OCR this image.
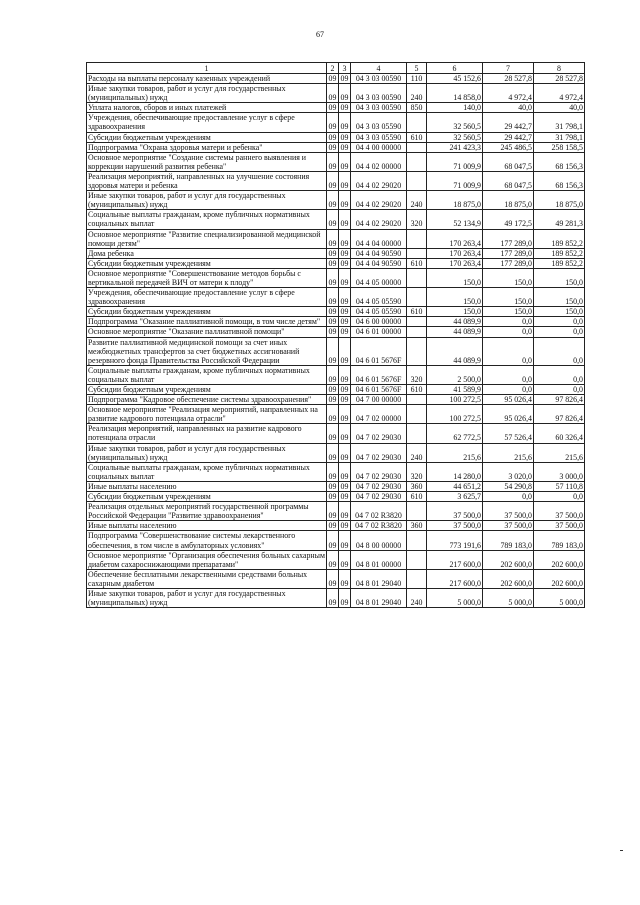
67
1	2	3	4	5	6	7	8
Расходы на выплаты персоналу казенных учреждений	09	09	04 3 03 00590	110	45 152,6	28 527,8	28 527,8
Иные закупки товаров, работ и услуг для государственных (муниципальных) нужд	09	09	04 3 03 00590	240	14 858,0	4 972,4	4 972,4
Уплата налогов, сборов и иных платежей	09	09	04 3 03 00590	850	140,0	40,0	40,0
Учреждения, обеспечивающие предоставление услуг в сфере здравоохранения	09	09	04 3 03 05590		32 560,5	29 442,7	31 798,1
Субсидии бюджетным учреждениям	09	09	04 3 03 05590	610	32 560,5	29 442,7	31 798,1
Подпрограмма "Охрана здоровья матери и ребенка"	09	09	04 4 00 00000		241 423,3	245 486,5	258 158,5
Основное мероприятие "Создание системы раннего выявления и коррекции нарушений развития ребенка"	09	09	04 4 02 00000		71 009,9	68 047,5	68 156,3
Реализация мероприятий, направленных на улучшение состояния здоровья матери и ребенка	09	09	04 4 02 29020		71 009,9	68 047,5	68 156,3
Иные закупки товаров, работ и услуг для государственных (муниципальных) нужд	09	09	04 4 02 29020	240	18 875,0	18 875,0	18 875,0
Социальные выплаты гражданам, кроме публичных нормативных социальных выплат	09	09	04 4 02 29020	320	52 134,9	49 172,5	49 281,3
Основное мероприятие "Развитие специализированной медицинской помощи детям"	09	09	04 4 04 00000		170 263,4	177 289,0	189 852,2
Дома ребенка	09	09	04 4 04 90590		170 263,4	177 289,0	189 852,2
Субсидии бюджетным учреждениям	09	09	04 4 04 90590	610	170 263,4	177 289,0	189 852,2
Основное мероприятие "Совершенствование методов борьбы с вертикальной передачей ВИЧ от матери к плоду"	09	09	04 4 05 00000		150,0	150,0	150,0
Учреждения, обеспечивающие предоставление услуг в сфере здравоохранения	09	09	04 4 05 05590		150,0	150,0	150,0
Субсидии бюджетным учреждениям	09	09	04 4 05 05590	610	150,0	150,0	150,0
Подпрограмма "Оказание паллиативной помощи, в том числе детям"	09	09	04 6 00 00000		44 089,9	0,0	0,0
Основное мероприятие "Оказание паллиативной помощи"	09	09	04 6 01 00000		44 089,9	0,0	0,0
Развитие паллиативной медицинской помощи за счет иных межбюджетных трансфертов за счет бюджетных ассигнований резервного фонда Правительства Российской Федерации	09	09	04 6 01 5676F		44 089,9	0,0	0,0
Социальные выплаты гражданам, кроме публичных нормативных социальных выплат	09	09	04 6 01 5676F	320	2 500,0	0,0	0,0
Субсидии бюджетным учреждениям	09	09	04 6 01 5676F	610	41 589,9	0,0	0,0
Подпрограмма "Кадровое обеспечение системы здравоохранения"	09	09	04 7 00 00000		100 272,5	95 026,4	97 826,4
Основное мероприятие "Реализация мероприятий, направленных на развитие кадрового потенциала отрасли"	09	09	04 7 02 00000		100 272,5	95 026,4	97 826,4
Реализация мероприятий, направленных на развитие кадрового потенциала отрасли	09	09	04 7 02 29030		62 772,5	57 526,4	60 326,4
Иные закупки товаров, работ и услуг для государственных (муниципальных) нужд	09	09	04 7 02 29030	240	215,6	215,6	215,6
Социальные выплаты гражданам, кроме публичных нормативных социальных выплат	09	09	04 7 02 29030	320	14 280,0	3 020,0	3 000,0
Иные выплаты населению	09	09	04 7 02 29030	360	44 651,2	54 290,8	57 110,8
Субсидии бюджетным учреждениям	09	09	04 7 02 29030	610	3 625,7	0,0	0,0
Реализация отдельных мероприятий государственной программы Российской Федерации "Развитие здравоохранения"	09	09	04 7 02 R3820		37 500,0	37 500,0	37 500,0
Иные выплаты населению	09	09	04 7 02 R3820	360	37 500,0	37 500,0	37 500,0
Подпрограмма "Совершенствование системы лекарственного обеспечения, в том числе в амбулаторных условиях"	09	09	04 8 00 00000		773 191,6	789 183,0	789 183,0
Основное мероприятие "Организация обеспечения больных сахарным диабетом сахароснижающими препаратами"	09	09	04 8 01 00000		217 600,0	202 600,0	202 600,0
Обеспечение бесплатными лекарственными средствами больных сахарным диабетом	09	09	04 8 01 29040		217 600,0	202 600,0	202 600,0
Иные закупки товаров, работ и услуг для государственных (муниципальных) нужд	09	09	04 8 01 29040	240	5 000,0	5 000,0	5 000,0
